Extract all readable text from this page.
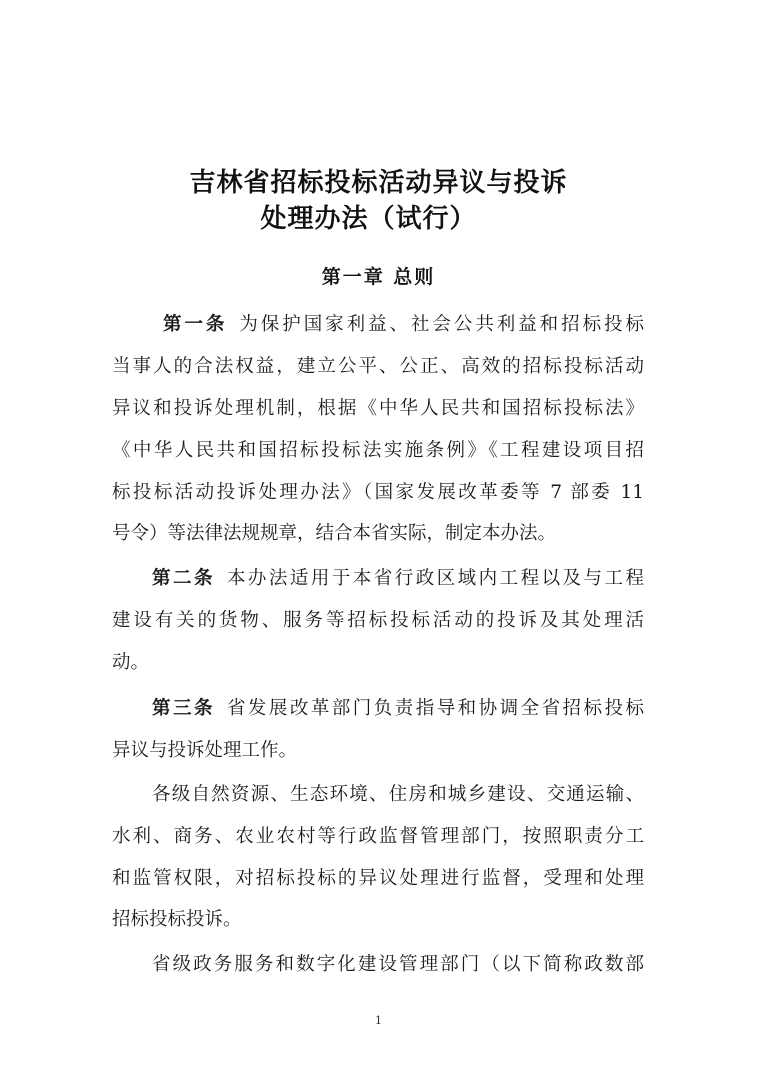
吉林省招标投标活动异议与投诉
处理办法（试行）
第一章 总则
第一条 为保护国家利益、社会公共利益和招标投标
当事人的合法权益，建立公平、公正、高效的招标投标活动
异议和投诉处理机制，根据《中华人民共和国招标投标法》
《中华人民共和国招标投标法实施条例》《工程建设项目招
标投标活动投诉处理办法》（国家发展改革委等 7 部委 11
号令）等法律法规规章，结合本省实际，制定本办法。
第二条 本办法适用于本省行政区域内工程以及与工程
建设有关的货物、服务等招标投标活动的投诉及其处理活
动。
第三条 省发展改革部门负责指导和协调全省招标投标
异议与投诉处理工作。
各级自然资源、生态环境、住房和城乡建设、交通运输、
水利、商务、农业农村等行政监督管理部门，按照职责分工
和监管权限，对招标投标的异议处理进行监督，受理和处理
招标投标投诉。
省级政务服务和数字化建设管理部门（以下简称政数部
1
